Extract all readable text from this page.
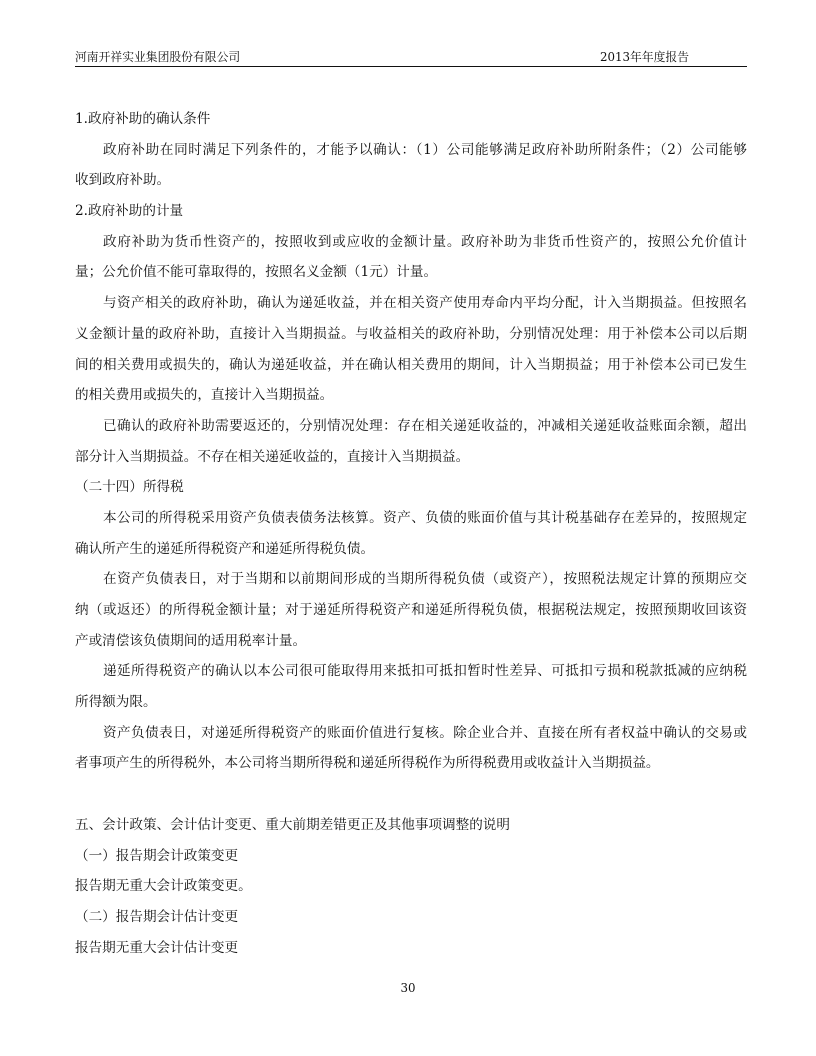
河南开祥实业集团股份有限公司	2013年年度报告
1.政府补助的确认条件
政府补助在同时满足下列条件的，才能予以确认：（1）公司能够满足政府补助所附条件；（2）公司能够
收到政府补助。
2.政府补助的计量
政府补助为货币性资产的，按照收到或应收的金额计量。政府补助为非货币性资产的，按照公允价值计
量；公允价值不能可靠取得的，按照名义金额（1元）计量。
与资产相关的政府补助，确认为递延收益，并在相关资产使用寿命内平均分配，计入当期损益。但按照名
义金额计量的政府补助，直接计入当期损益。与收益相关的政府补助，分别情况处理：用于补偿本公司以后期
间的相关费用或损失的，确认为递延收益，并在确认相关费用的期间，计入当期损益；用于补偿本公司已发生
的相关费用或损失的，直接计入当期损益。
已确认的政府补助需要返还的，分别情况处理：存在相关递延收益的，冲减相关递延收益账面余额，超出
部分计入当期损益。不存在相关递延收益的，直接计入当期损益。
（二十四）所得税
本公司的所得税采用资产负债表债务法核算。资产、负债的账面价值与其计税基础存在差异的，按照规定
确认所产生的递延所得税资产和递延所得税负债。
在资产负债表日，对于当期和以前期间形成的当期所得税负债（或资产），按照税法规定计算的预期应交
纳（或返还）的所得税金额计量；对于递延所得税资产和递延所得税负债，根据税法规定，按照预期收回该资
产或清偿该负债期间的适用税率计量。
递延所得税资产的确认以本公司很可能取得用来抵扣可抵扣暂时性差异、可抵扣亏损和税款抵减的应纳税
所得额为限。
资产负债表日，对递延所得税资产的账面价值进行复核。除企业合并、直接在所有者权益中确认的交易或
者事项产生的所得税外，本公司将当期所得税和递延所得税作为所得税费用或收益计入当期损益。
五、会计政策、会计估计变更、重大前期差错更正及其他事项调整的说明
（一）报告期会计政策变更
报告期无重大会计政策变更。
（二）报告期会计估计变更
报告期无重大会计估计变更
30
